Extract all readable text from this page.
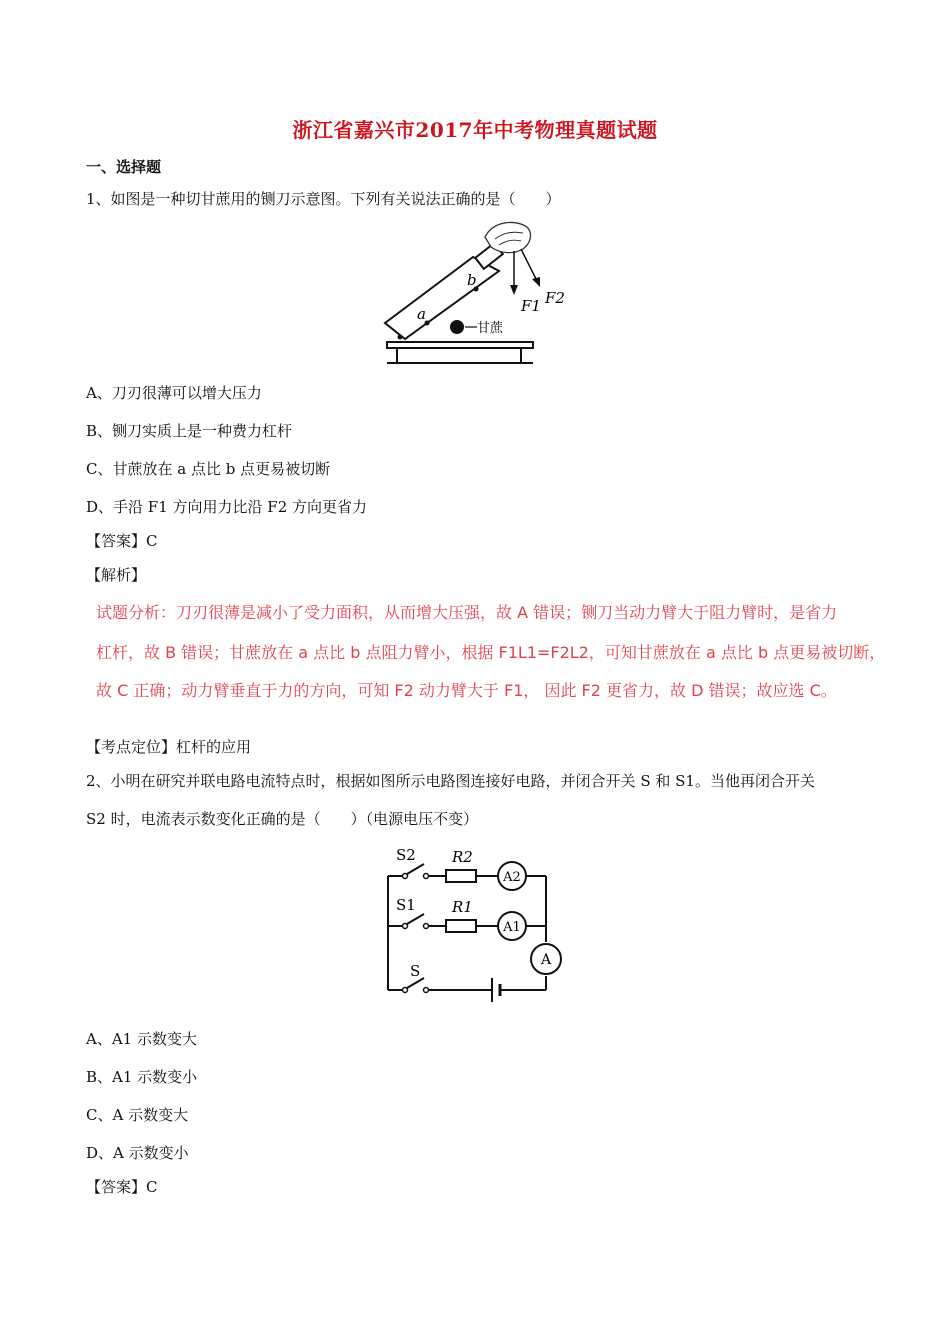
浙江省嘉兴市2017年中考物理真题试题
一、选择题
1、如图是一种切甘蔗用的铡刀示意图。下列有关说法正确的是（　　）
a
b
甘蔗
F1 F2
A、刀刃很薄可以增大压力
B、铡刀实质上是一种费力杠杆
C、甘蔗放在 a 点比 b 点更易被切断
D、手沿 F1 方向用力比沿 F2 方向更省力
【答案】C
【解析】
试题分析：刀刃很薄是减小了受力面积，从而增大压强，故 A 错误；铡刀当动力臂大于阻力臂时，是省力
杠杆，故 B 错误；甘蔗放在 a 点比 b 点阻力臂小，根据 F1L1=F2L2，可知甘蔗放在 a 点比 b 点更易被切断，
故 C 正确；动力臂垂直于力的方向，可知 F2 动力臂大于 F1， 因此 F2 更省力，故 D 错误；故应选 C。
【考点定位】杠杆的应用
2、小明在研究并联电路电流特点时，根据如图所示电路图连接好电路，并闭合开关 S 和 S1。当他再闭合开关
S2 时，电流表示数变化正确的是（　　）（电源电压不变）
S2
S1
S
R2
R1
A2
A1
A
A、A1 示数变大
B、A1 示数变小
C、A 示数变大
D、A 示数变小
【答案】C
